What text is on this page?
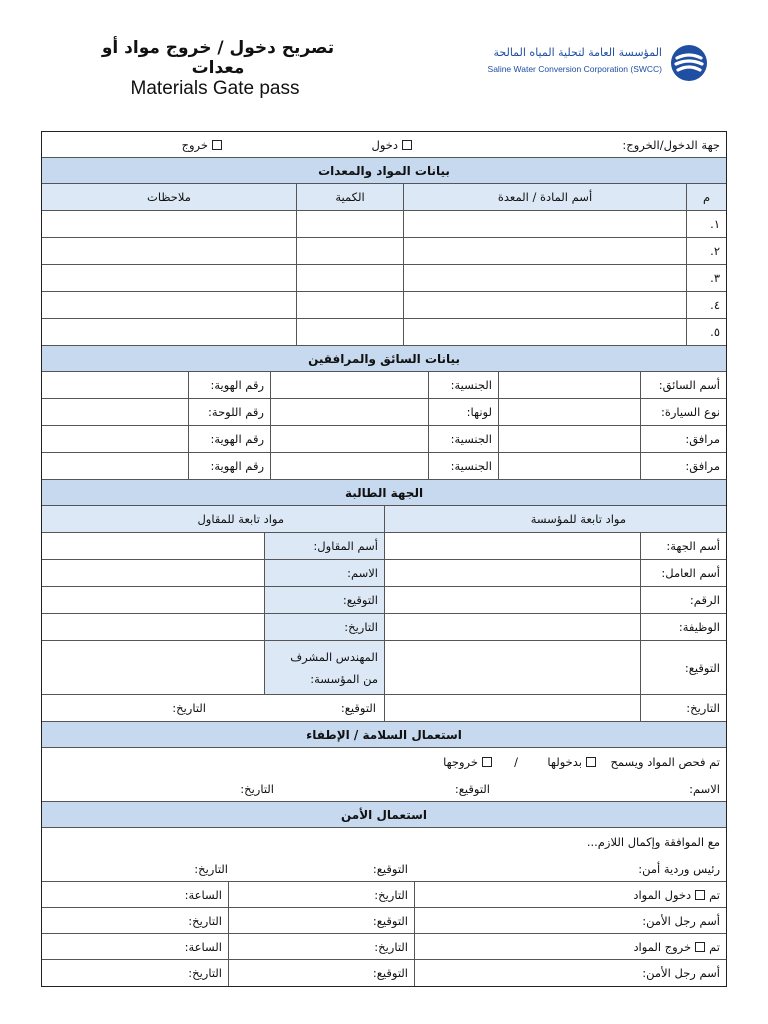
تصريح دخول / خروج مواد أو معدات
Materials Gate pass
المؤسسة العامة لتحلية المياه المالحة
Saline Water Conversion Corporation (SWCC)
جهة الدخول/الخروج:
دخول
خروج
بيانات المواد والمعدات
م
أسم المادة / المعدة
الكمية
ملاحظات
١.
٢.
٣.
٤.
٥.
بيانات السائق والمرافقين
أسم السائق:
الجنسية:
رقم الهوية:
نوع السيارة:
لونها:
رقم اللوحة:
مرافق:
الجنسية:
رقم الهوية:
مرافق:
الجنسية:
رقم الهوية:
الجهة الطالبة
مواد تابعة للمؤسسة
مواد تابعة للمقاول
أسم الجهة:
أسم المقاول:
أسم العامل:
الاسم:
الرقم:
التوقيع:
الوظيفة:
التاريخ:
التوقيع:
المهندس المشرف
من المؤسسة:
التاريخ:
التوقيع:
التاريخ:
استعمال السلامة / الإطفاء
تم فحص المواد ويسمح
بدخولها
/
خروجها
الاسم:
التوقيع:
التاريخ:
استعمال الأمن
مع الموافقة وإكمال اللازم...
رئيس وردية أمن:
التوقيع:
التاريخ:
تم
دخول المواد
التاريخ:
الساعة:
أسم رجل الأمن:
التوقيع:
التاريخ:
تم
خروج المواد
التاريخ:
الساعة:
أسم رجل الأمن:
التوقيع:
التاريخ:
